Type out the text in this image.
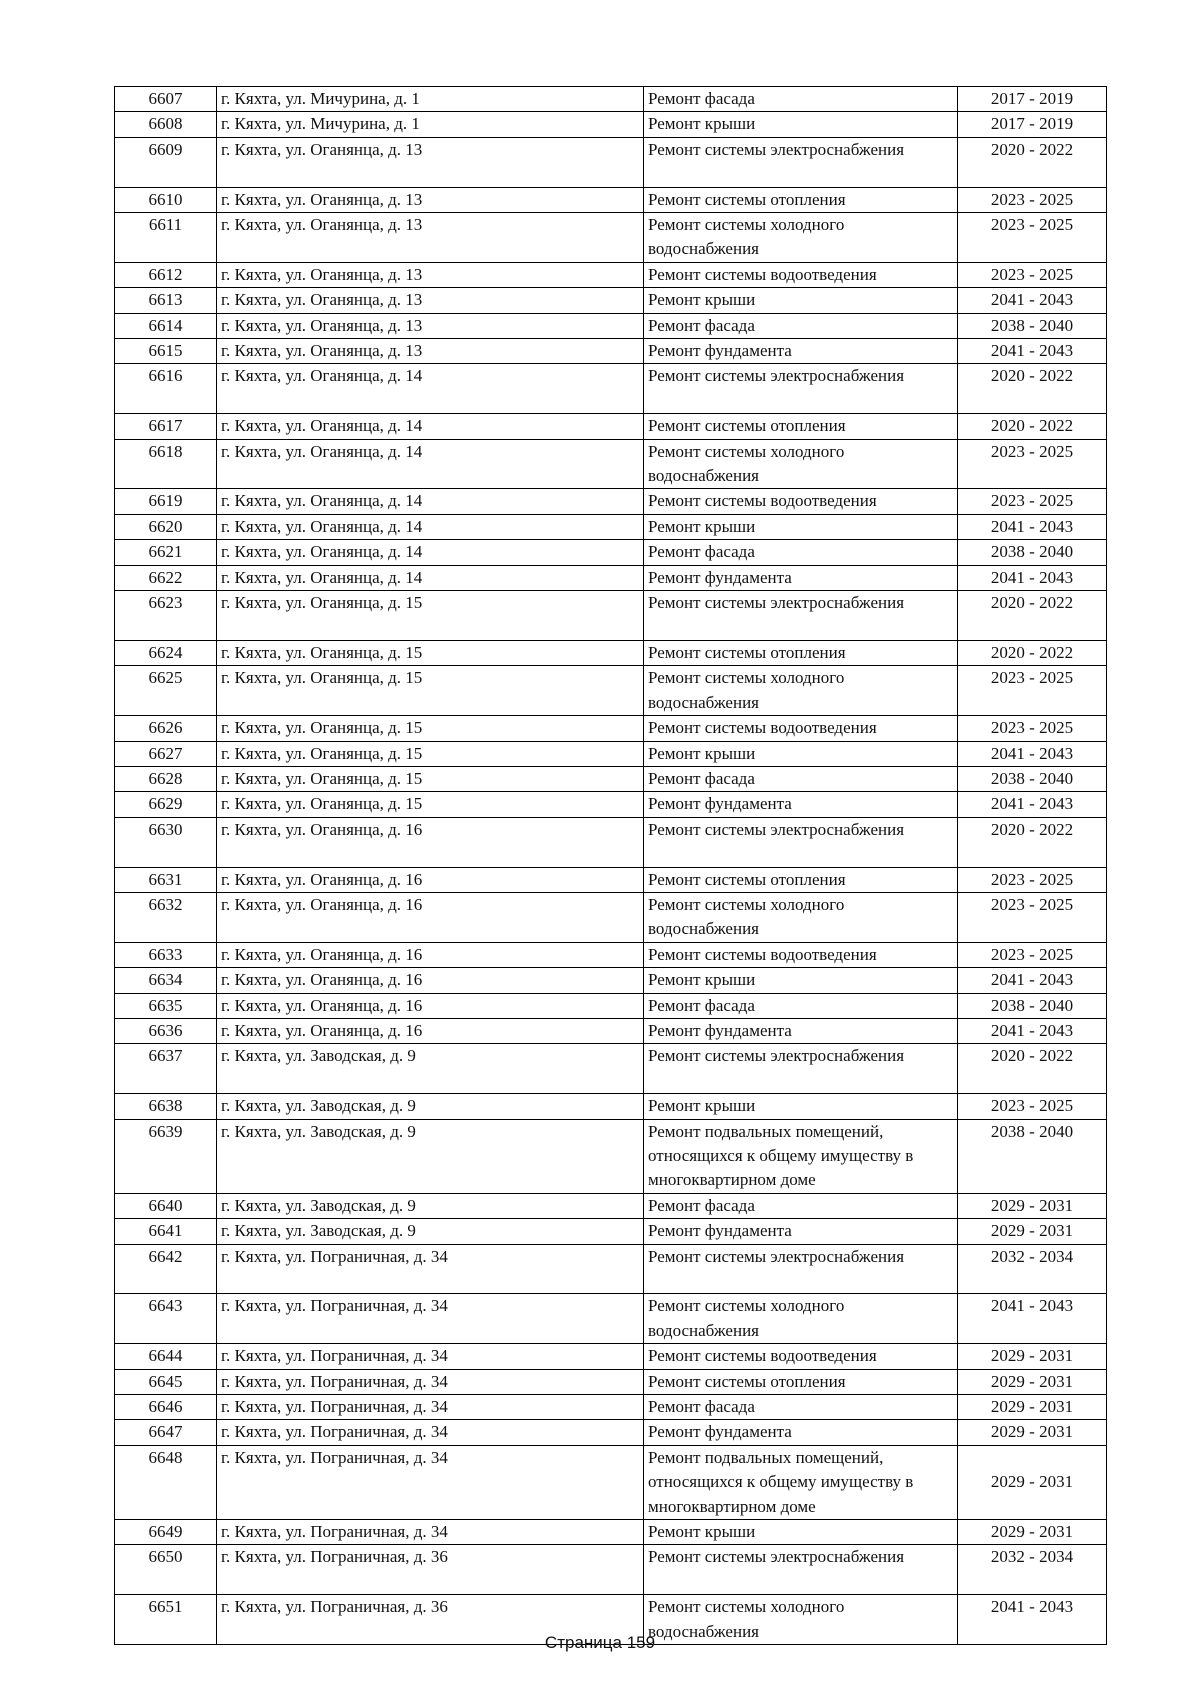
6607	г. Кяхта, ул. Мичурина, д. 1	Ремонт фасада	2017 - 2019
6608	г. Кяхта, ул. Мичурина, д. 1	Ремонт крыши	2017 - 2019
6609	г. Кяхта, ул. Оганянца, д. 13	Ремонт системы электроснабжения	2020 - 2022
6610	г. Кяхта, ул. Оганянца, д. 13	Ремонт системы отопления	2023 - 2025
6611	г. Кяхта, ул. Оганянца, д. 13	Ремонт системы холодного водоснабжения	2023 - 2025
6612	г. Кяхта, ул. Оганянца, д. 13	Ремонт системы водоотведения	2023 - 2025
6613	г. Кяхта, ул. Оганянца, д. 13	Ремонт крыши	2041 - 2043
6614	г. Кяхта, ул. Оганянца, д. 13	Ремонт фасада	2038 - 2040
6615	г. Кяхта, ул. Оганянца, д. 13	Ремонт фундамента	2041 - 2043
6616	г. Кяхта, ул. Оганянца, д. 14	Ремонт системы электроснабжения	2020 - 2022
6617	г. Кяхта, ул. Оганянца, д. 14	Ремонт системы отопления	2020 - 2022
6618	г. Кяхта, ул. Оганянца, д. 14	Ремонт системы холодного водоснабжения	2023 - 2025
6619	г. Кяхта, ул. Оганянца, д. 14	Ремонт системы водоотведения	2023 - 2025
6620	г. Кяхта, ул. Оганянца, д. 14	Ремонт крыши	2041 - 2043
6621	г. Кяхта, ул. Оганянца, д. 14	Ремонт фасада	2038 - 2040
6622	г. Кяхта, ул. Оганянца, д. 14	Ремонт фундамента	2041 - 2043
6623	г. Кяхта, ул. Оганянца, д. 15	Ремонт системы электроснабжения	2020 - 2022
6624	г. Кяхта, ул. Оганянца, д. 15	Ремонт системы отопления	2020 - 2022
6625	г. Кяхта, ул. Оганянца, д. 15	Ремонт системы холодного водоснабжения	2023 - 2025
6626	г. Кяхта, ул. Оганянца, д. 15	Ремонт системы водоотведения	2023 - 2025
6627	г. Кяхта, ул. Оганянца, д. 15	Ремонт крыши	2041 - 2043
6628	г. Кяхта, ул. Оганянца, д. 15	Ремонт фасада	2038 - 2040
6629	г. Кяхта, ул. Оганянца, д. 15	Ремонт фундамента	2041 - 2043
6630	г. Кяхта, ул. Оганянца, д. 16	Ремонт системы электроснабжения	2020 - 2022
6631	г. Кяхта, ул. Оганянца, д. 16	Ремонт системы отопления	2023 - 2025
6632	г. Кяхта, ул. Оганянца, д. 16	Ремонт системы холодного водоснабжения	2023 - 2025
6633	г. Кяхта, ул. Оганянца, д. 16	Ремонт системы водоотведения	2023 - 2025
6634	г. Кяхта, ул. Оганянца, д. 16	Ремонт крыши	2041 - 2043
6635	г. Кяхта, ул. Оганянца, д. 16	Ремонт фасада	2038 - 2040
6636	г. Кяхта, ул. Оганянца, д. 16	Ремонт фундамента	2041 - 2043
6637	г. Кяхта, ул. Заводская, д. 9	Ремонт системы электроснабжения	2020 - 2022
6638	г. Кяхта, ул. Заводская, д. 9	Ремонт крыши	2023 - 2025
6639	г. Кяхта, ул. Заводская, д. 9	Ремонт подвальных помещений, относящихся к общему имуществу в многоквартирном доме	2038 - 2040
6640	г. Кяхта, ул. Заводская, д. 9	Ремонт фасада	2029 - 2031
6641	г. Кяхта, ул. Заводская, д. 9	Ремонт фундамента	2029 - 2031
6642	г. Кяхта, ул. Пограничная, д. 34	Ремонт системы электроснабжения	2032 - 2034
6643	г. Кяхта, ул. Пограничная, д. 34	Ремонт системы холодного водоснабжения	2041 - 2043
6644	г. Кяхта, ул. Пограничная, д. 34	Ремонт системы водоотведения	2029 - 2031
6645	г. Кяхта, ул. Пограничная, д. 34	Ремонт системы отопления	2029 - 2031
6646	г. Кяхта, ул. Пограничная, д. 34	Ремонт фасада	2029 - 2031
6647	г. Кяхта, ул. Пограничная, д. 34	Ремонт фундамента	2029 - 2031
6648	г. Кяхта, ул. Пограничная, д. 34	Ремонт подвальных помещений, относящихся к общему имуществу в многоквартирном доме	2029 - 2031
6649	г. Кяхта, ул. Пограничная, д. 34	Ремонт крыши	2029 - 2031
6650	г. Кяхта, ул. Пограничная, д. 36	Ремонт системы электроснабжения	2032 - 2034
6651	г. Кяхта, ул. Пограничная, д. 36	Ремонт системы холодного водоснабжения	2041 - 2043
Страница 159
